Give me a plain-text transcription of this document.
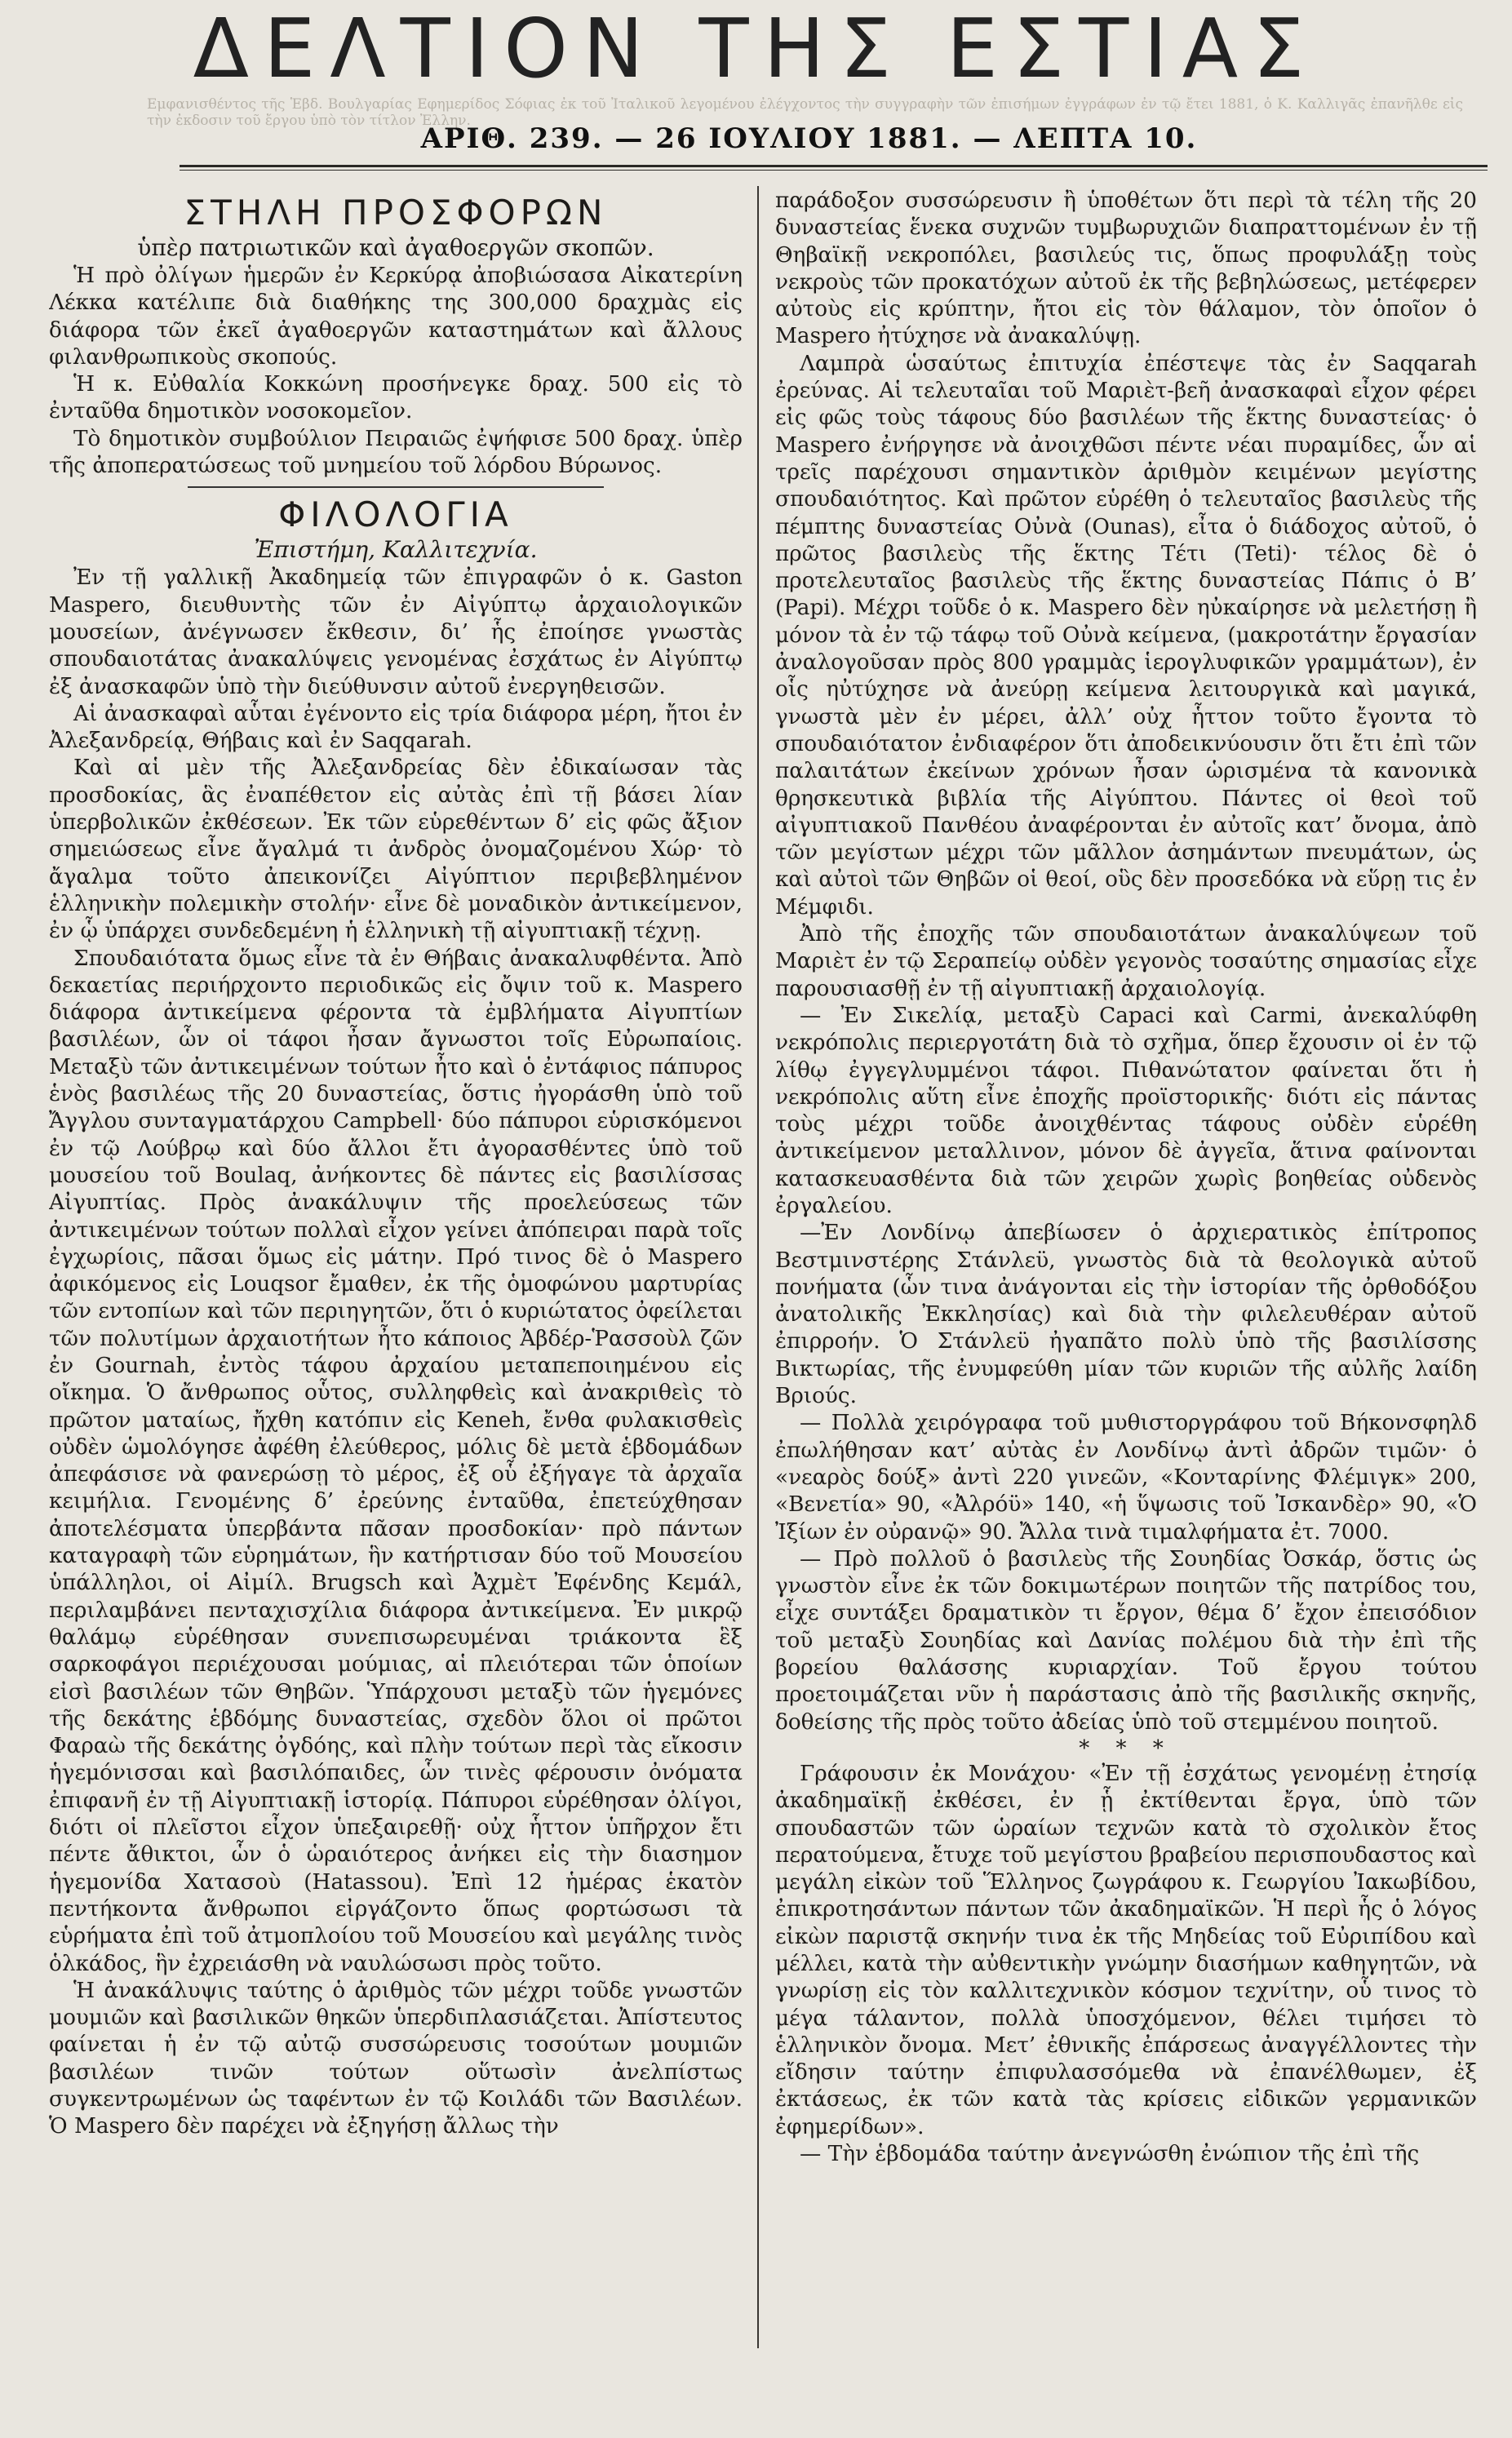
ΔΕΛΤΙΟΝ ΤΗΣ ΕΣΤΙΑΣ
Εμφανισθέντος τῆς Ἑβδ. Βουλγαρίας Εφημερίδος Σόφιας ἐκ τοῦ Ἰταλικοῦ λεγομένου ἐλέγχοντος τὴν συγγραφὴν τῶν ἐπισήμων ἐγγράφων ἐν τῷ ἔτει 1881, ὁ Κ. Καλλιγᾶς ἐπανῆλθε εἰς τὴν ἐκδοσιν τοῦ ἔργου ὑπὸ τὸν τίτλον Ἐλλην.
ΑΡΙΘ. 239. — 26 ΙΟΥΛΙΟΥ 1881. — ΛΕΠΤΑ 10.
ΣΤΗΛΗ ΠΡΟΣΦΟΡΩΝ
ὑπὲρ πατριωτικῶν καὶ ἀγαθοεργῶν σκοπῶν.

Ἡ πρὸ ὀλίγων ἡμερῶν ἐν Κερκύρᾳ ἀποβιώσασα Αἰκατερίνη Λέκκα κατέλιπε διὰ διαθήκης της 300,000 δραχμὰς εἰς διάφορα τῶν ἐκεῖ ἀγαθοεργῶν καταστημάτων καὶ ἄλλους φιλανθρωπικοὺς σκοπούς.

Ἡ κ. Εὐθαλία Κοκκώνη προσήνεγκε δραχ. 500 εἰς τὸ ἐνταῦθα δημοτικὸν νοσοκομεῖον.

Τὸ δημοτικὸν συμβούλιον Πειραιῶς ἐψήφισε 500 δραχ. ὑπὲρ τῆς ἀποπερατώσεως τοῦ μνημείου τοῦ λόρδου Βύρωνος.

ΦΙΛΟΛΟΓΙΑ
Ἐπιστήμη, Καλλιτεχνία.

Ἐν τῇ γαλλικῇ Ἀκαδημείᾳ τῶν ἐπιγραφῶν ὁ κ. Gaston Maspero, διευθυντὴς τῶν ἐν Αἰγύπτῳ ἀρχαιολογικῶν μουσείων, ἀνέγνωσεν ἔκθεσιν, δι’ ἧς ἐποίησε γνωστὰς σπουδαιοτάτας ἀνακαλύψεις γενομένας ἐσχάτως ἐν Αἰγύπτῳ ἐξ ἀνασκαφῶν ὑπὸ τὴν διεύθυνσιν αὐτοῦ ἐνεργηθεισῶν.

Αἱ ἀνασκαφαὶ αὗται ἐγένοντο εἰς τρία διάφορα μέρη, ἤτοι ἐν Ἀλεξανδρείᾳ, Θήβαις καὶ ἐν Saqqarah.

Καὶ αἱ μὲν τῆς Ἀλεξανδρείας δὲν ἐδικαίωσαν τὰς προσδοκίας, ἃς ἐναπέθετον εἰς αὐτὰς ἐπὶ τῇ βάσει λίαν ὑπερβολικῶν ἐκθέσεων. Ἐκ τῶν εὑρεθέντων δ’ εἰς φῶς ἄξιον σημειώσεως εἶνε ἄγαλμά τι ἀνδρὸς ὀνομαζομένου Χώρ· τὸ ἄγαλμα τοῦτο ἀπεικονίζει Αἰγύπτιον περιβεβλημένον ἑλληνικὴν πολεμικὴν στολήν· εἶνε δὲ μοναδικὸν ἀντικείμενον, ἐν ᾧ ὑπάρχει συνδεδεμένη ἡ ἑλληνικὴ τῇ αἰγυπτιακῇ τέχνῃ.

Σπουδαιότατα ὅμως εἶνε τὰ ἐν Θήβαις ἀνακαλυφθέντα. Ἀπὸ δεκαετίας περιήρχοντο περιοδικῶς εἰς ὄψιν τοῦ κ. Maspero διάφορα ἀντικείμενα φέροντα τὰ ἐμβλήματα Αἰγυπτίων βασιλέων, ὧν οἱ τάφοι ἦσαν ἄγνωστοι τοῖς Εὐρωπαίοις. Μεταξὺ τῶν ἀντικειμένων τούτων ἦτο καὶ ὁ ἐντάφιος πάπυρος ἑνὸς βασιλέως τῆς 20 δυναστείας, ὅστις ἠγοράσθη ὑπὸ τοῦ Ἄγγλου συνταγματάρχου Campbell· δύο πάπυροι εὑρισκόμενοι ἐν τῷ Λούβρῳ καὶ δύο ἄλλοι ἔτι ἀγορασθέντες ὑπὸ τοῦ μουσείου τοῦ Boulaq, ἀνήκοντες δὲ πάντες εἰς βασιλίσσας Αἰγυπτίας. Πρὸς ἀνακάλυψιν τῆς προελεύσεως τῶν ἀντικειμένων τούτων πολλαὶ εἶχον γείνει ἀπόπειραι παρὰ τοῖς ἐγχωρίοις, πᾶσαι ὅμως εἰς μάτην. Πρό τινος δὲ ὁ Maspero ἀφικόμενος εἰς Louqsor ἔμαθεν, ἐκ τῆς ὁμοφώνου μαρτυρίας τῶν εντοπίων καὶ τῶν περιηγητῶν, ὅτι ὁ κυριώτατος ὀφείλεται τῶν πολυτίμων ἀρχαιοτήτων ἦτο κάποιος Ἀβδέρ-Ῥασσοὺλ ζῶν ἐν Gournah, ἐντὸς τάφου ἀρχαίου μεταπεποιημένου εἰς οἴκημα. Ὁ ἄνθρωπος οὗτος, συλληφθεὶς καὶ ἀνακριθεὶς τὸ πρῶτον ματαίως, ἤχθη κατόπιν εἰς Keneh, ἔνθα φυλακισθεὶς οὐδὲν ὡμολόγησε ἀφέθη ἐλεύθερος, μόλις δὲ μετὰ ἑβδομάδων ἀπεφάσισε νὰ φανερώσῃ τὸ μέρος, ἐξ οὗ ἐξήγαγε τὰ ἀρχαῖα κειμήλια. Γενομένης δ’ ἐρεύνης ἐνταῦθα, ἐπετεύχθησαν ἀποτελέσματα ὑπερβάντα πᾶσαν προσδοκίαν· πρὸ πάντων καταγραφὴ τῶν εὑρημάτων, ἣν κατήρτισαν δύο τοῦ Μουσείου ὑπάλληλοι, οἱ Αἰμίλ. Brugsch καὶ Ἀχμὲτ Ἐφένδης Κεμάλ, περιλαμβάνει πενταχισχίλια διάφορα ἀντικείμενα. Ἐν μικρῷ θαλάμῳ εὑρέθησαν συνεπισωρευμέναι τριάκοντα ἓξ σαρκοφάγοι περιέχουσαι μούμιας, αἱ πλειότεραι τῶν ὁποίων εἰσὶ βασιλέων τῶν Θηβῶν. Ὑπάρχουσι μεταξὺ τῶν ἡγεμόνες τῆς δεκάτης ἑβδόμης δυναστείας, σχεδὸν ὅλοι οἱ πρῶτοι Φαραὼ τῆς δεκάτης ὀγδόης, καὶ πλὴν τούτων περὶ τὰς εἴκοσιν ἡγεμόνισσαι καὶ βασιλόπαιδες, ὧν τινὲς φέρουσιν ὀνόματα ἐπιφανῆ ἐν τῇ Αἰγυπτιακῇ ἱστορίᾳ. Πάπυροι εὑρέθησαν ὀλίγοι, διότι οἱ πλεῖστοι εἶχον ὑπεξαιρεθῇ· οὐχ ἧττον ὑπῆρχον ἔτι πέντε ἄθικτοι, ὧν ὁ ὡραιότερος ἀνήκει εἰς τὴν διασημον ἡγεμονίδα Χατασοὺ (Hatassou). Ἐπὶ 12 ἡμέρας ἑκατὸν πεντήκοντα ἄνθρωποι εἰργάζοντο ὅπως φορτώσωσι τὰ εὑρήματα ἐπὶ τοῦ ἀτμοπλοίου τοῦ Μουσείου καὶ μεγάλης τινὸς ὁλκάδος, ἣν ἐχρειάσθη νὰ ναυλώσωσι πρὸς τοῦτο.

Ἡ ἀνακάλυψις ταύτης ὁ ἀριθμὸς τῶν μέχρι τοῦδε γνωστῶν μουμιῶν καὶ βασιλικῶν θηκῶν ὑπερδιπλασιάζεται. Ἀπίστευτος φαίνεται ἡ ἐν τῷ αὐτῷ συσσώρευσις τοσούτων μουμιῶν βασιλέων τινῶν τούτων οὕτωσὶν ἀνελπίστως συγκεντρωμένων ὡς ταφέντων ἐν τῷ Κοιλάδι τῶν Βασιλέων. Ὁ Maspero δὲν παρέχει νὰ ἐξηγήσῃ ἄλλως τὴν

παράδοξον συσσώρευσιν ἢ ὑποθέτων ὅτι περὶ τὰ τέλη τῆς 20 δυναστείας ἕνεκα συχνῶν τυμβωρυχιῶν διαπραττομένων ἐν τῇ Θηβαϊκῇ νεκροπόλει, βασιλεύς τις, ὅπως προφυλάξῃ τοὺς νεκροὺς τῶν προκατόχων αὐτοῦ ἐκ τῆς βεβηλώσεως, μετέφερεν αὐτοὺς εἰς κρύπτην, ἤτοι εἰς τὸν θάλαμον, τὸν ὁποῖον ὁ Maspero ἠτύχησε νὰ ἀνακαλύψῃ.

Λαμπρὰ ὡσαύτως ἐπιτυχία ἐπέστεψε τὰς ἐν Saqqarah ἐρεύνας. Αἱ τελευταῖαι τοῦ Μαριὲτ-βεῆ ἀνασκαφαὶ εἶχον φέρει εἰς φῶς τοὺς τάφους δύο βασιλέων τῆς ἕκτης δυναστείας· ὁ Maspero ἐνήργησε νὰ ἀνοιχθῶσι πέντε νέαι πυραμίδες, ὧν αἱ τρεῖς παρέχουσι σημαντικὸν ἀριθμὸν κειμένων μεγίστης σπουδαιότητος. Καὶ πρῶτον εὑρέθη ὁ τελευταῖος βασιλεὺς τῆς πέμπτης δυναστείας Οὐνὰ (Ounas), εἶτα ὁ διάδοχος αὐτοῦ, ὁ πρῶτος βασιλεὺς τῆς ἕκτης Τέτι (Teti)· τέλος δὲ ὁ προτελευταῖος βασιλεὺς τῆς ἕκτης δυναστείας Πάπις ὁ Β’ (Papi). Μέχρι τοῦδε ὁ κ. Maspero δὲν ηὐκαίρησε νὰ μελετήσῃ ἢ μόνον τὰ ἐν τῷ τάφῳ τοῦ Οὐνὰ κείμενα, (μακροτάτην ἔργασίαν ἀναλογοῦσαν πρὸς 800 γραμμὰς ἱερογλυφικῶν γραμμάτων), ἐν οἷς ηὐτύχησε νὰ ἀνεύρῃ κείμενα λειτουργικὰ καὶ μαγικά, γνωστὰ μὲν ἐν μέρει, ἀλλ’ οὐχ ἧττον τοῦτο ἔγοντα τὸ σπουδαιότατον ἐνδιαφέρον ὅτι ἀποδεικνύουσιν ὅτι ἔτι ἐπὶ τῶν παλαιτάτων ἐκείνων χρόνων ἦσαν ὡρισμένα τὰ κανονικὰ θρησκευτικὰ βιβλία τῆς Αἰγύπτου. Πάντες οἱ θεοὶ τοῦ αἰγυπτιακοῦ Πανθέου ἀναφέρονται ἐν αὐτοῖς κατ’ ὄνομα, ἀπὸ τῶν μεγίστων μέχρι τῶν μᾶλλον ἀσημάντων πνευμάτων, ὡς καὶ αὐτοὶ τῶν Θηβῶν οἱ θεοί, οὓς δὲν προσεδόκα νὰ εὕρῃ τις ἐν Μέμφιδι.

Ἀπὸ τῆς ἐποχῆς τῶν σπουδαιοτάτων ἀνακαλύψεων τοῦ Μαριὲτ ἐν τῷ Σεραπείῳ οὐδὲν γεγονὸς τοσαύτης σημασίας εἶχε παρουσιασθῇ ἐν τῇ αἰγυπτιακῇ ἀρχαιολογίᾳ.

— Ἐν Σικελίᾳ, μεταξὺ Capaci καὶ Carmi, ἀνεκαλύφθη νεκρόπολις περιεργοτάτη διὰ τὸ σχῆμα, ὅπερ ἔχουσιν οἱ ἐν τῷ λίθῳ ἐγγεγλυμμένοι τάφοι. Πιθανώτατον φαίνεται ὅτι ἡ νεκρόπολις αὕτη εἶνε ἐποχῆς προϊστορικῆς· διότι εἰς πάντας τοὺς μέχρι τοῦδε ἀνοιχθέντας τάφους οὐδὲν εὑρέθη ἀντικείμενον μεταλλινον, μόνον δὲ ἀγγεῖα, ἅτινα φαίνονται κατασκευασθέντα διὰ τῶν χειρῶν χωρὶς βοηθείας οὐδενὸς ἐργαλείου.

—Ἐν Λονδίνῳ ἀπεβίωσεν ὁ ἀρχιερατικὸς ἐπίτροπος Βεστμινστέρης Στάνλεϋ, γνωστὸς διὰ τὰ θεολογικὰ αὐτοῦ πονήματα (ὧν τινα ἀνάγονται εἰς τὴν ἱστορίαν τῆς ὀρθοδόξου ἀνατολικῆς Ἐκκλησίας) καὶ διὰ τὴν φιλελευθέραν αὐτοῦ ἐπιρροήν. Ὁ Στάνλεϋ ἠγαπᾶτο πολὺ ὑπὸ τῆς βασιλίσσης Βικτωρίας, τῆς ἐνυμφεύθη μίαν τῶν κυριῶν τῆς αὐλῆς λαίδη Βριούς.

— Πολλὰ χειρόγραφα τοῦ μυθιστοργράφου τοῦ Βήκονσφηλδ ἐπωλήθησαν κατ’ αὐτὰς ἐν Λονδίνῳ ἀντὶ ἀδρῶν τιμῶν· ὁ «νεαρὸς δούξ» ἀντὶ 220 γινεῶν, «Κονταρίνης Φλέμιγκ» 200, «Βενετία» 90, «Ἀλρόϋ» 140, «ἡ ὕψωσις τοῦ Ἰσκανδὲρ» 90, «Ὁ Ἰξίων ἐν οὐρανῷ» 90. Ἄλλα τινὰ τιμαλφήματα ἐτ. 7000.

— Πρὸ πολλοῦ ὁ βασιλεὺς τῆς Σουηδίας Ὀσκάρ, ὅστις ὡς γνωστὸν εἶνε ἐκ τῶν δοκιμωτέρων ποιητῶν τῆς πατρίδος του, εἶχε συντάξει δραματικὸν τι ἔργον, θέμα δ’ ἔχον ἐπεισόδιον τοῦ μεταξὺ Σουηδίας καὶ Δανίας πολέμου διὰ τὴν ἐπὶ τῆς βορείου θαλάσσης κυριαρχίαν. Τοῦ ἔργου τούτου προετοιμάζεται νῦν ἡ παράστασις ἀπὸ τῆς βασιλικῆς σκηνῆς, δοθείσης τῆς πρὸς τοῦτο ἀδείας ὑπὸ τοῦ στεμμένου ποιητοῦ.

* * *

Γράφουσιν ἐκ Μονάχου· «Ἐν τῇ ἐσχάτως γενομένῃ ἐτησίᾳ ἀκαδημαϊκῇ ἐκθέσει, ἐν ᾗ ἐκτίθενται ἔργα, ὑπὸ τῶν σπουδαστῶν τῶν ὡραίων τεχνῶν κατὰ τὸ σχολικὸν ἔτος περατούμενα, ἔτυχε τοῦ μεγίστου βραβείου περισπουδαστος καὶ μεγάλη εἰκὼν τοῦ Ἕλληνος ζωγράφου κ. Γεωργίου Ἰακωβίδου, ἐπικροτησάντων πάντων τῶν ἀκαδημαϊκῶν. Ἡ περὶ ἧς ὁ λόγος εἰκὼν παριστᾷ σκηνήν τινα ἐκ τῆς Μηδείας τοῦ Εὐριπίδου καὶ μέλλει, κατὰ τὴν αὐθεντικὴν γνώμην διασήμων καθηγητῶν, νὰ γνωρίσῃ εἰς τὸν καλλιτεχνικὸν κόσμον τεχνίτην, οὗ τινος τὸ μέγα τάλαντον, πολλὰ ὑποσχόμενον, θέλει τιμήσει τὸ ἑλληνικὸν ὄνομα. Μετ’ ἐθνικῆς ἐπάρσεως ἀναγγέλλοντες τὴν εἴδησιν ταύτην ἐπιφυλασσόμεθα νὰ ἐπανέλθωμεν, ἐξ ἐκτάσεως, ἐκ τῶν κατὰ τὰς κρίσεις εἰδικῶν γερμανικῶν ἐφημερίδων».

— Τὴν ἑβδομάδα ταύτην ἀνεγνώσθη ἐνώπιον τῆς ἐπὶ τῆς
